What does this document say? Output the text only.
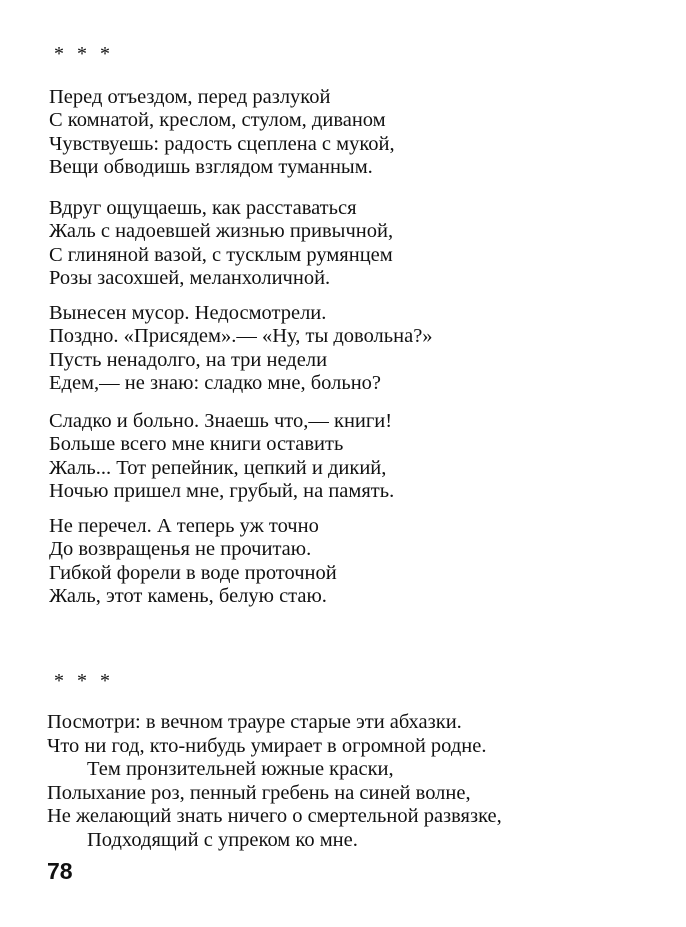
* * *
Перед отъездом, перед разлукой
С комнатой, креслом, стулом, диваном
Чувствуешь: радость сцеплена с мукой,
Вещи обводишь взглядом туманным.
Вдруг ощущаешь, как расставаться
Жаль с надоевшей жизнью привычной,
С глиняной вазой, с тусклым румянцем
Розы засохшей, меланхоличной.
Вынесен мусор. Недосмотрели.
Поздно. «Присядем».— «Ну, ты довольна?»
Пусть ненадолго, на три недели
Едем,— не знаю: сладко мне, больно?
Сладко и больно. Знаешь что,— книги!
Больше всего мне книги оставить
Жаль... Тот репейник, цепкий и дикий,
Ночью пришел мне, грубый, на память.
Не перечел. А теперь уж точно
До возвращенья не прочитаю.
Гибкой форели в воде проточной
Жаль, этот камень, белую стаю.
* * *
Посмотри: в вечном трауре старые эти абхазки.
Что ни год, кто-нибудь умирает в огромной родне.
Тем пронзительней южные краски,
Полыхание роз, пенный гребень на синей волне,
Не желающий знать ничего о смертельной развязке,
Подходящий с упреком ко мне.
78
